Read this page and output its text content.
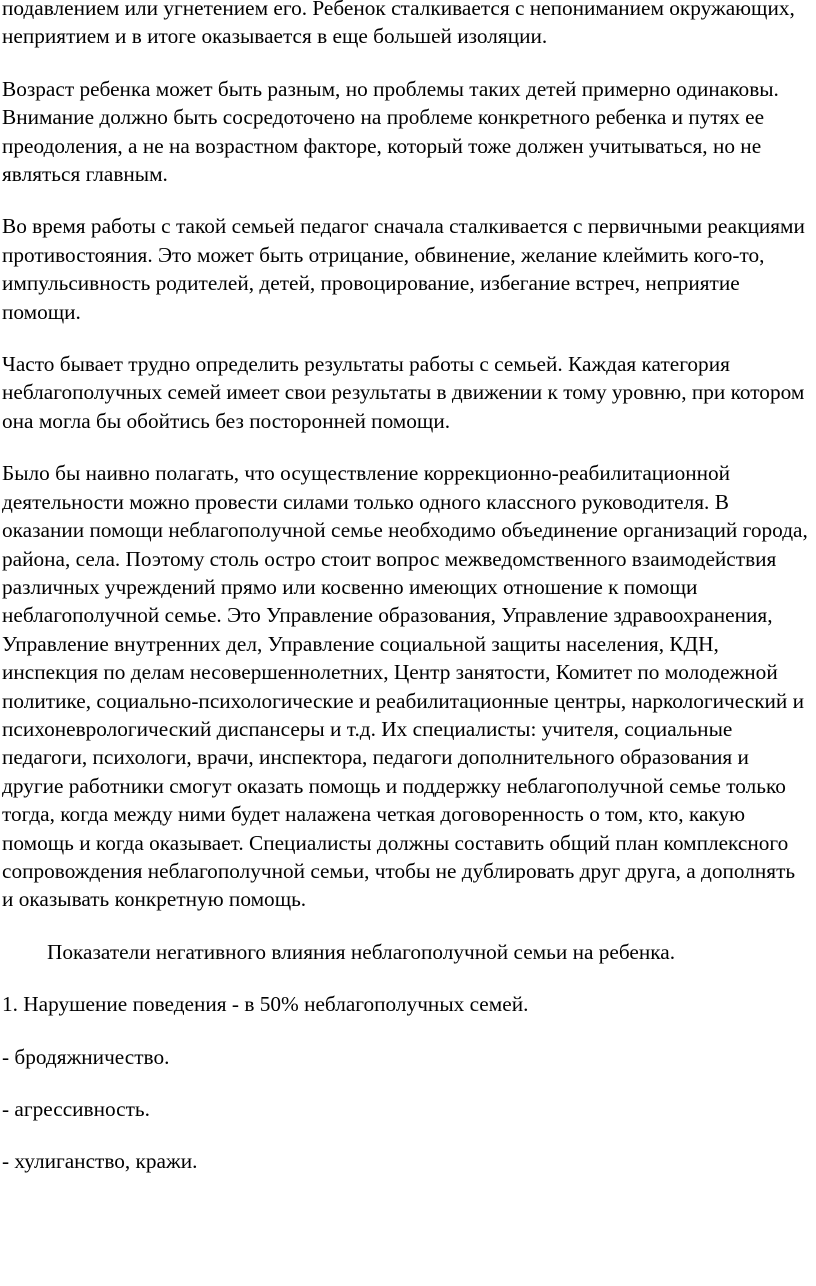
подавлением или угнетением его. Ребенок сталкивается с непониманием окружающих, неприятием и в итоге оказывается в еще большей изоляции.

Возраст ребенка может быть разным, но проблемы таких детей примерно одинаковы. Внимание должно быть сосредоточено на проблеме конкретного ребенка и путях ее преодоления, а не на возрастном факторе, который тоже должен учитываться, но не являться главным.

Во время работы с такой семьей педагог сначала сталкивается с первичными реакциями противостояния. Это может быть отрицание, обвинение, желание клеймить кого-то, импульсивность родителей, детей, провоцирование, избегание встреч, неприятие помощи.

Часто бывает трудно определить результаты работы с семьей. Каждая категория неблагополучных семей имеет свои результаты в движении к тому уровню, при котором она могла бы обойтись без посторонней помощи.

Было бы наивно полагать, что осуществление коррекционно-реабилитационной деятельности можно провести силами только одного классного руководителя. В оказании помощи неблагополучной семье необходимо объединение организаций города, района, села. Поэтому столь остро стоит вопрос межведомственного взаимодействия различных учреждений прямо или косвенно имеющих отношение к помощи неблагополучной семье. Это Управление образования, Управление здравоохранения, Управление внутренних дел, Управление социальной защиты населения, КДН, инспекция по делам несовершеннолетних, Центр занятости, Комитет по молодежной политике, социально-психологические и реабилитационные центры, наркологический и психоневрологический диспансеры и т.д. Их специалисты: учителя, социальные педагоги, психологи, врачи, инспектора, педагоги дополнительного образования и другие работники смогут оказать помощь и поддержку неблагополучной семье только тогда, когда между ними будет налажена четкая договоренность о том, кто, какую помощь и когда оказывает. Специалисты должны составить общий план комплексного сопровождения неблагополучной семьи, чтобы не дублировать друг друга, а дополнять и оказывать конкретную помощь.

Показатели негативного влияния неблагополучной семьи на ребенка.

1. Нарушение поведения - в 50% неблагополучных семей.

- бродяжничество.

- агрессивность.

- хулиганство, кражи.
